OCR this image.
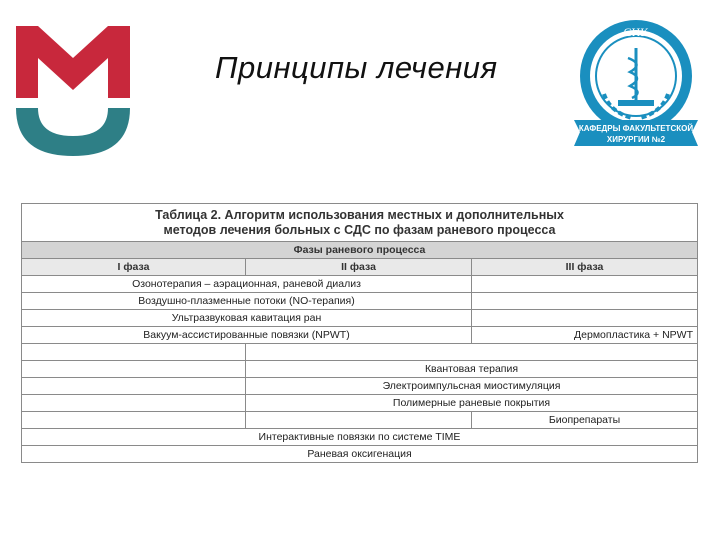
Принципы лечения
СНК
КАФЕДРЫ ФАКУЛЬТЕТСКОЙ
ХИРУРГИИ №2
Таблица 2. Алгоритм использования местных и дополнительных
методов лечения больных с СДС по фазам раневого процесса		
Фазы раневого процесса		
I фаза	II фаза	III фаза
Озонотерапия – аэрационная, раневой диализ		
Воздушно-плазменные потоки (NO-терапия)		
Ультразвуковая кавитация ран		
Вакуум-ассистированные повязки (NPWT)		Дермопластика + NPWT

	Квантовая терапия	
	Электроимпульсная миостимуляция	
	Полимерные раневые покрытия	
		Биопрепараты
Интерактивные повязки по системе TIME		
Раневая оксигенация		
